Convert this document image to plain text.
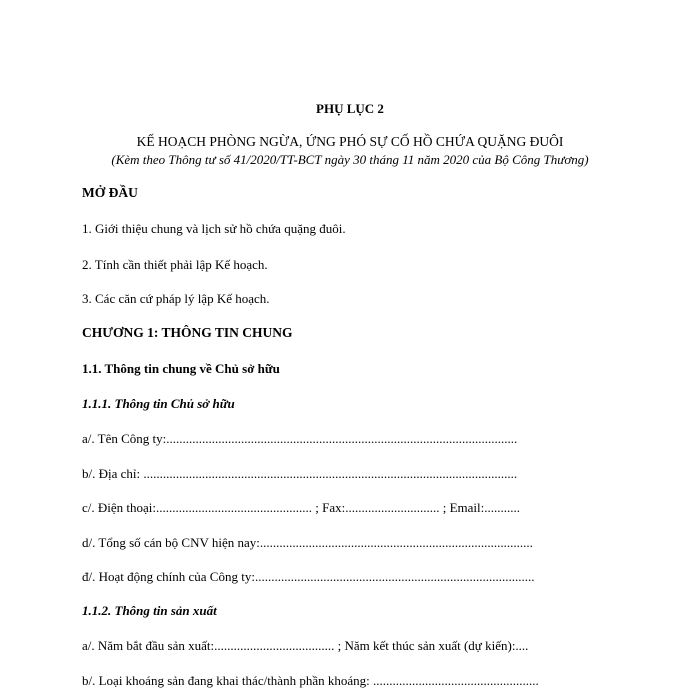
PHỤ LỤC 2
KẾ HOẠCH PHÒNG NGỪA, ỨNG PHÓ SỰ CỐ HỒ CHỨA QUẶNG ĐUÔI
(Kèm theo Thông tư số 41/2020/TT-BCT ngày 30 tháng 11 năm 2020 của Bộ Công Thương)
MỞ ĐẦU
1. Giới thiệu chung và lịch sử hồ chứa quặng đuôi.
2. Tính cần thiết phải lập Kế hoạch.
3. Các căn cứ pháp lý lập Kế hoạch.
CHƯƠNG 1: THÔNG TIN CHUNG
1.1. Thông tin chung về Chủ sở hữu
1.1.1. Thông tin Chủ sở hữu
a/. Tên Công ty:............................................................................................................
b/. Địa chỉ: ...................................................................................................................
c/. Điện thoại:................................................ ; Fax:............................. ; Email:...........
d/. Tổng số cán bộ CNV hiện nay:....................................................................................
đ/. Hoạt động chính của Công ty:......................................................................................
1.1.2. Thông tin sản xuất
a/. Năm bắt đầu sản xuất:..................................... ; Năm kết thúc sản xuất (dự kiến):....
b/. Loại khoáng sản đang khai thác/thành phần khoáng: ...................................................
